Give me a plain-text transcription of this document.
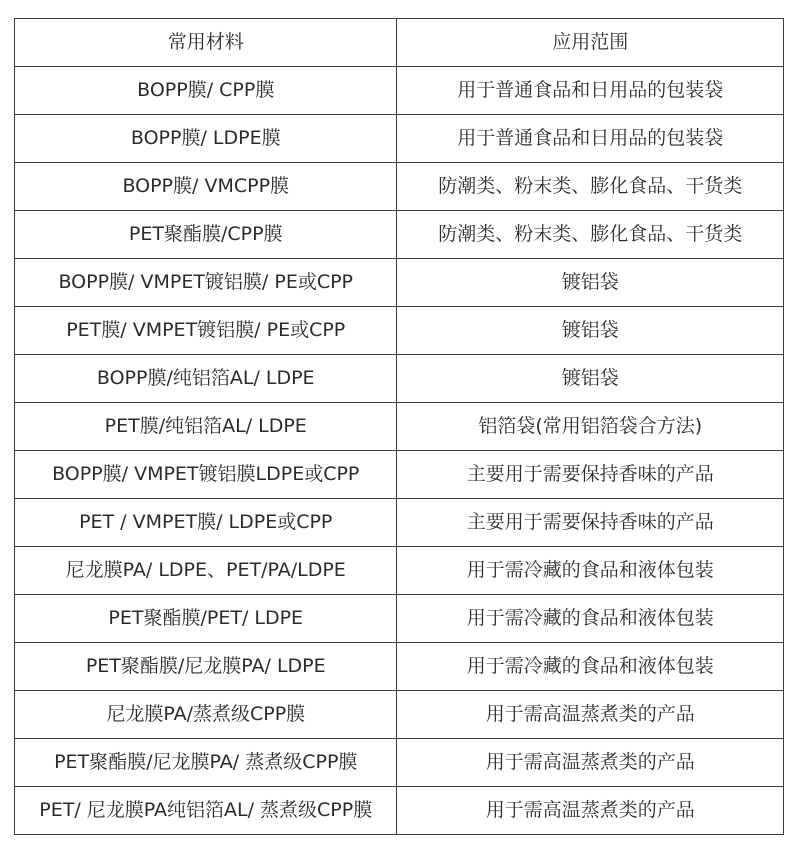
常用材料	应用范围
BOPP膜/ CPP膜	用于普通食品和日用品的包装袋
BOPP膜/ LDPE膜	用于普通食品和日用品的包装袋
BOPP膜/ VMCPP膜	防潮类、粉末类、膨化食品、干货类
PET聚酯膜/CPP膜	防潮类、粉末类、膨化食品、干货类
BOPP膜/ VMPET镀铝膜/ PE或CPP	镀铝袋
PET膜/ VMPET镀铝膜/ PE或CPP	镀铝袋
BOPP膜/纯铝箔AL/ LDPE	镀铝袋
PET膜/纯铝箔AL/ LDPE	铝箔袋(常用铝箔袋合方法)
BOPP膜/ VMPET镀铝膜LDPE或CPP	主要用于需要保持香味的产品
PET / VMPET膜/ LDPE或CPP	主要用于需要保持香味的产品
尼龙膜PA/ LDPE、PET/PA/LDPE	用于需冷藏的食品和液体包装
PET聚酯膜/PET/ LDPE	用于需冷藏的食品和液体包装
PET聚酯膜/尼龙膜PA/ LDPE	用于需冷藏的食品和液体包装
尼龙膜PA/蒸煮级CPP膜	用于需高温蒸煮类的产品
PET聚酯膜/尼龙膜PA/ 蒸煮级CPP膜	用于需高温蒸煮类的产品
PET/ 尼龙膜PA纯铝箔AL/ 蒸煮级CPP膜	用于需高温蒸煮类的产品
